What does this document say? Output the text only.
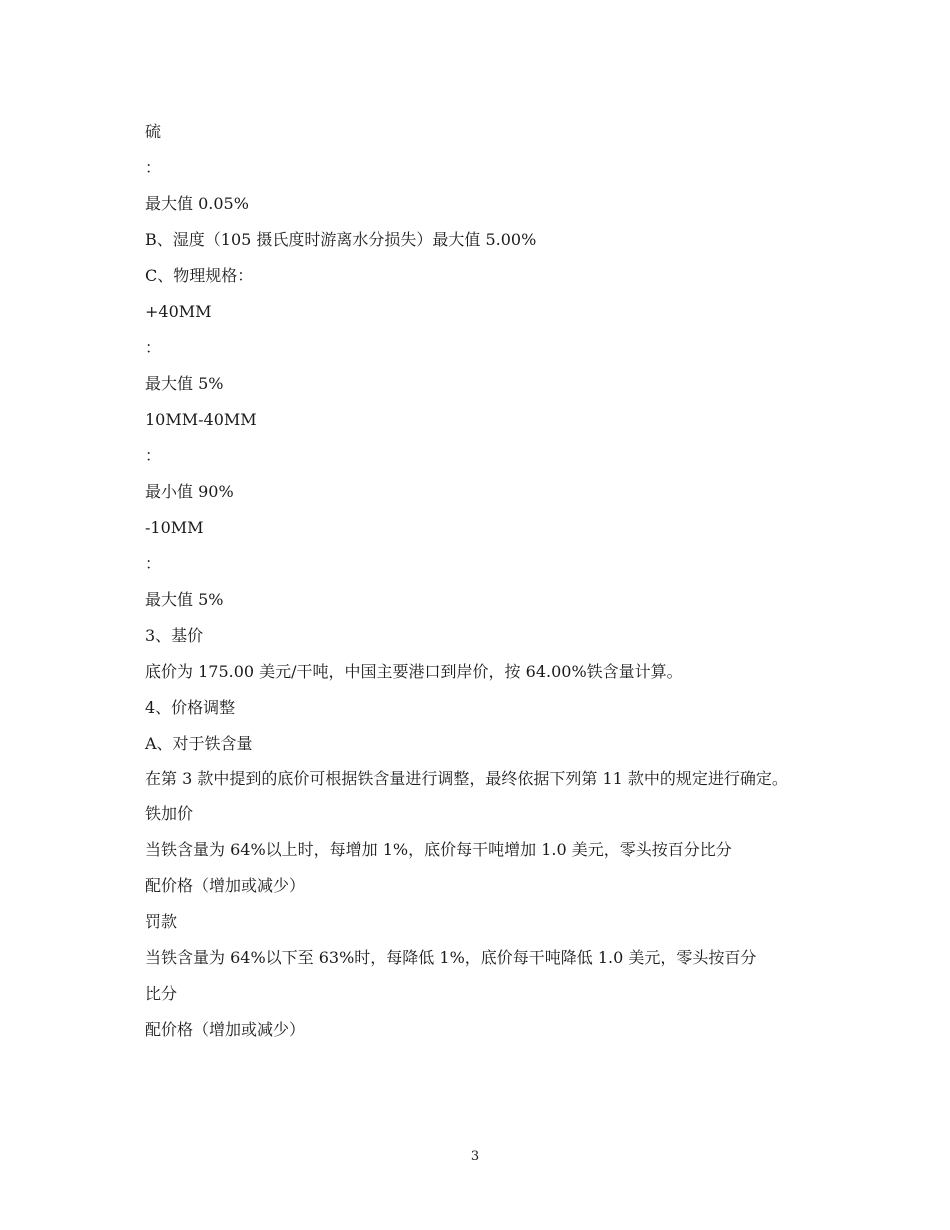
硫
：
最大值 0.05%
B、湿度（105 摄氏度时游离水分损失）最大值 5.00%
C、物理规格：
+40MM
：
最大值 5%
10MM-40MM
：
最小值 90%
-10MM
：
最大值 5%
3、基价
底价为 175.00 美元/干吨，中国主要港口到岸价，按 64.00%铁含量计算。
4、价格调整
A、对于铁含量
在第 3 款中提到的底价可根据铁含量进行调整，最终依据下列第 11 款中的规定进行确定。
铁加价
当铁含量为 64%以上时，每增加 1%，底价每干吨增加 1.0 美元，零头按百分比分
配价格（增加或减少）
罚款
当铁含量为 64%以下至 63%时，每降低 1%，底价每干吨降低 1.0 美元，零头按百分
比分
配价格（增加或减少）
3
